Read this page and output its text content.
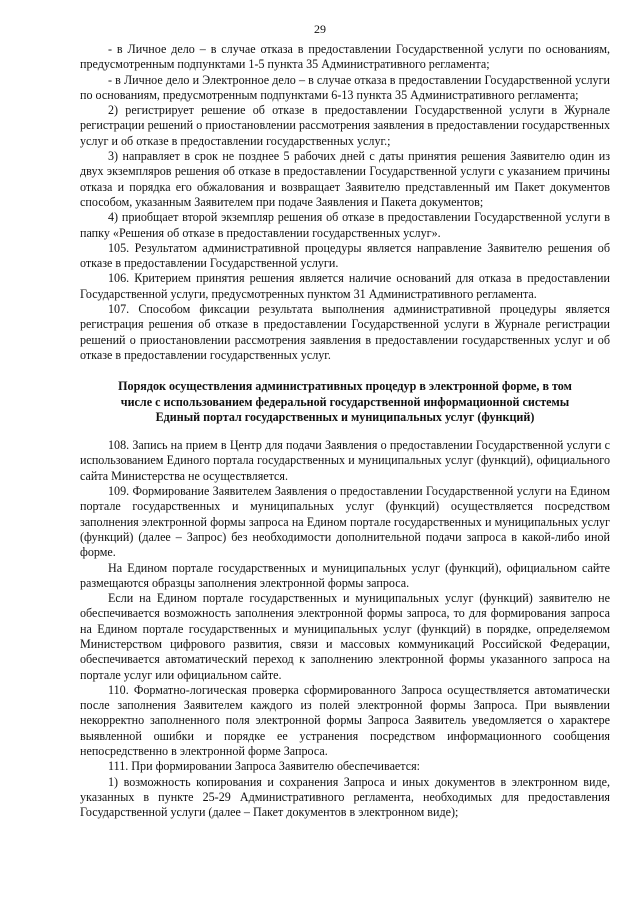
29

- в Личное дело – в случае отказа в предоставлении Государственной услуги по основаниям, предусмотренным подпунктами 1-5 пункта 35 Административного регламента;

- в Личное дело и Электронное дело – в случае отказа в предоставлении Государственной услуги по основаниям, предусмотренным подпунктами 6-13 пункта 35 Административного регламента;

2) регистрирует решение об отказе в предоставлении Государственной услуги в Журнале регистрации решений о приостановлении рассмотрения заявления в предоставлении государственных услуг и об отказе в предоставлении государственных услуг.;

3) направляет в срок не позднее 5 рабочих дней с даты принятия решения Заявителю один из двух экземпляров решения об отказе в предоставлении Государственной услуги с указанием причины отказа и порядка его обжалования и возвращает Заявителю представленный им Пакет документов способом, указанным Заявителем при подаче Заявления и Пакета документов;

4) приобщает второй экземпляр решения об отказе в предоставлении Государственной услуги в папку «Решения об отказе в предоставлении государственных услуг».

105. Результатом административной процедуры является направление Заявителю решения об отказе в предоставлении Государственной услуги.

106. Критерием принятия решения является наличие оснований для отказа в предоставлении Государственной услуги, предусмотренных пунктом 31 Административного регламента.

107. Способом фиксации результата выполнения административной процедуры является регистрация решения об отказе в предоставлении Государственной услуги в Журнале регистрации решений о приостановлении рассмотрения заявления в предоставлении государственных услуг и об отказе в предоставлении государственных услуг.

Порядок осуществления административных процедур в электронной форме, в том
числе с использованием федеральной государственной информационной системы
Единый портал государственных и муниципальных услуг (функций)

108. Запись на прием в Центр для подачи Заявления о предоставлении Государственной услуги с использованием Единого портала государственных и муниципальных услуг (функций), официального сайта Министерства не осуществляется.

109. Формирование Заявителем Заявления о предоставлении Государственной услуги на Едином портале государственных и муниципальных услуг (функций) осуществляется посредством заполнения электронной формы запроса на Едином портале государственных и муниципальных услуг (функций) (далее – Запрос) без необходимости дополнительной подачи запроса в какой-либо иной форме.

На Едином портале государственных и муниципальных услуг (функций), официальном сайте размещаются образцы заполнения электронной формы запроса.

Если на Едином портале государственных и муниципальных услуг (функций) заявителю не обеспечивается возможность заполнения электронной формы запроса, то для формирования запроса на Едином портале государственных и муниципальных услуг (функций) в порядке, определяемом Министерством цифрового развития, связи и массовых коммуникаций Российской Федерации, обеспечивается автоматический переход к заполнению электронной формы указанного запроса на портале услуг или официальном сайте.

110. Форматно-логическая проверка сформированного Запроса осуществляется автоматически после заполнения Заявителем каждого из полей электронной формы Запроса. При выявлении некорректно заполненного поля электронной формы Запроса Заявитель уведомляется о характере выявленной ошибки и порядке ее устранения посредством информационного сообщения непосредственно в электронной форме Запроса.

111. При формировании Запроса Заявителю обеспечивается:

1) возможность копирования и сохранения Запроса и иных документов в электронном виде, указанных в пункте 25-29 Административного регламента, необходимых для предоставления Государственной услуги (далее – Пакет документов в электронном виде);
